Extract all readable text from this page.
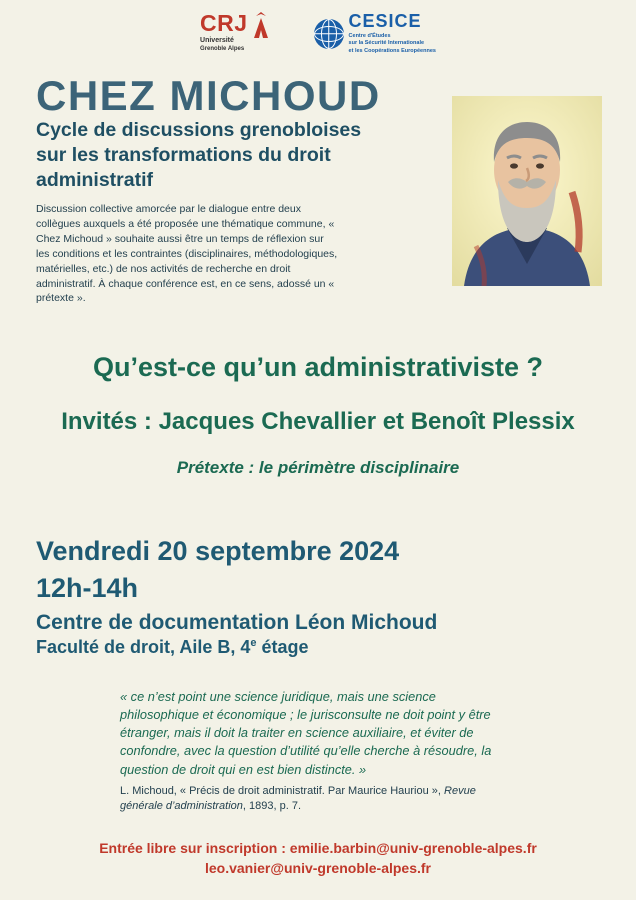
CRJ
Université
Grenoble Alpes
CESICE
Centre d'Études
sur la Sécurité Internationale
et les Coopérations Européennes
CHEZ MICHOUD
Cycle de discussions grenobloises sur les transformations du droit administratif
Discussion collective amorcée par le dialogue entre deux collègues auxquels a été proposée une thématique commune, « Chez Michoud » souhaite aussi être un temps de réflexion sur les conditions et les contraintes (disciplinaires, méthodologiques, matérielles, etc.) de nos activités de recherche en droit administratif. À chaque conférence est, en ce sens, adossé un « prétexte ».
Qu’est-ce qu’un administrativiste ?
Invités : Jacques Chevallier et Benoît Plessix
Prétexte : le périmètre disciplinaire
Vendredi 20 septembre 2024
12h-14h
Centre de documentation Léon Michoud
Faculté de droit, Aile B, 4e étage
« ce n’est point une science juridique, mais une science philosophique et économique ; le jurisconsulte ne doit point y être étranger, mais il doit la traiter en science auxiliaire, et éviter de confondre, avec la question d’utilité qu’elle cherche à résoudre, la question de droit qui en est bien distincte. »
L. Michoud, « Précis de droit administratif. Par Maurice Hauriou », Revue générale d’administration, 1893, p. 7.
Entrée libre sur inscription : emilie.barbin@univ-grenoble-alpes.fr
leo.vanier@univ-grenoble-alpes.fr
